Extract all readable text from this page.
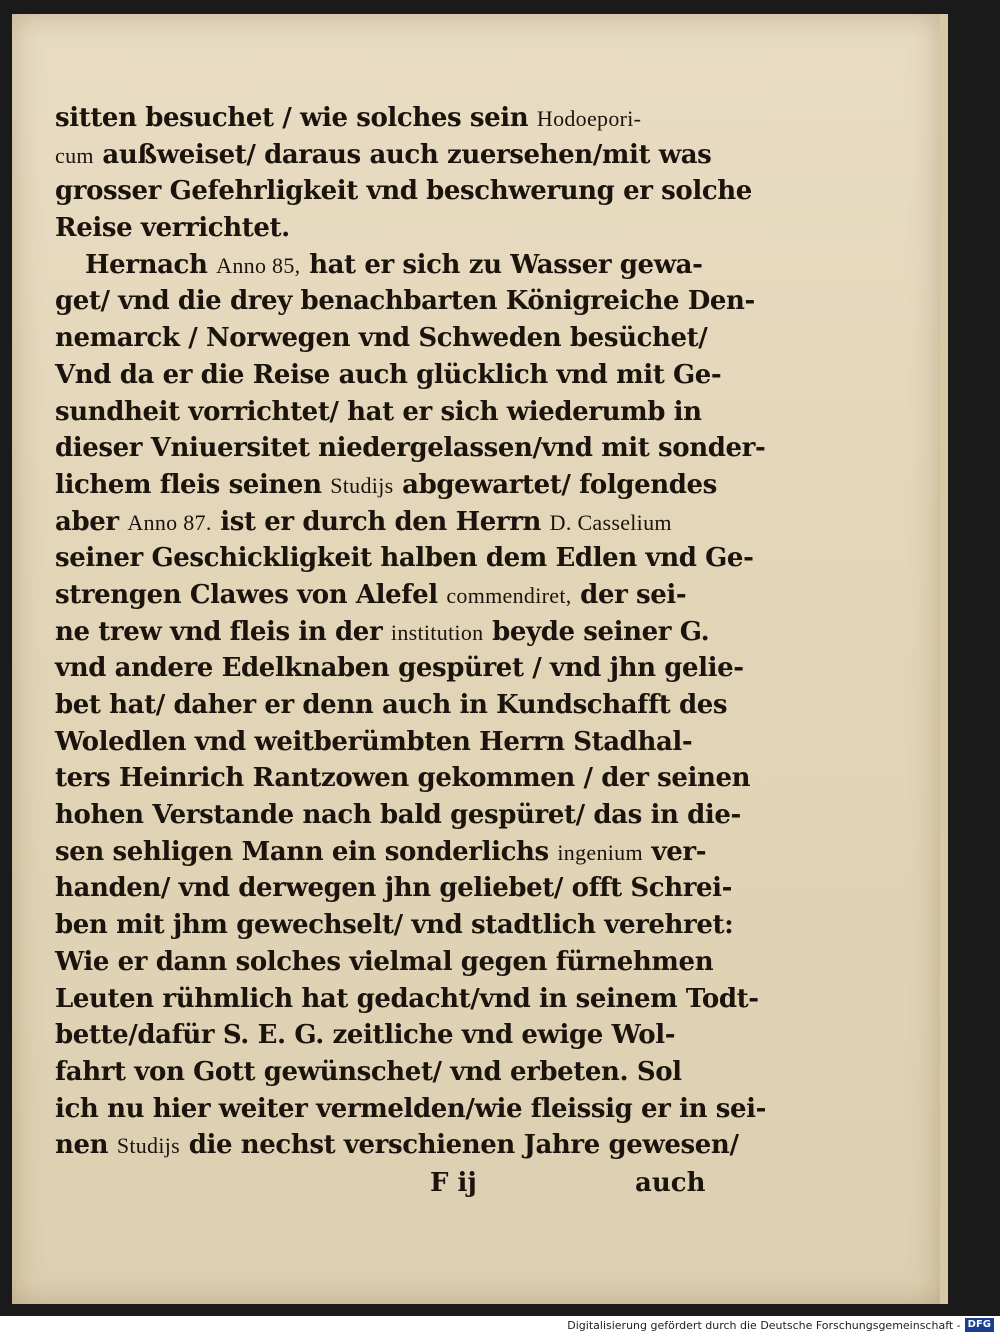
sitten besuchet / wie solches sein Hodoepori-
cum außweiset/ daraus auch zuersehen/mit was
grosser Gefehrligkeit vnd beschwerung er solche
Reise verrichtet.
Hernach Anno 85, hat er sich zu Wasser gewa-
get/ vnd die drey benachbarten Königreiche Den-
nemarck / Norwegen vnd Schweden besüchet/
Vnd da er die Reise auch glücklich vnd mit Ge-
sundheit vorrichtet/ hat er sich wiederumb in
dieser Vniuersitet niedergelassen/vnd mit sonder-
lichem fleis seinen Studijs abgewartet/ folgendes
aber Anno 87. ist er durch den Herrn D. Casselium
seiner Geschickligkeit halben dem Edlen vnd Ge-
strengen Clawes von Alefel commendiret, der sei-
ne trew vnd fleis in der institution beyde seiner G.
vnd andere Edelknaben gespüret / vnd jhn gelie-
bet hat/ daher er denn auch in Kundschafft des
Woledlen vnd weitberümbten Herrn Stadhal-
ters Heinrich Rantzowen gekommen / der seinen
hohen Verstande nach bald gespüret/ das in die-
sen sehligen Mann ein sonderlichs ingenium ver-
handen/ vnd derwegen jhn geliebet/ offt Schrei-
ben mit jhm gewechselt/ vnd stadtlich verehret:
Wie er dann solches vielmal gegen fürnehmen
Leuten rühmlich hat gedacht/vnd in seinem Todt-
bette/dafür S. E. G. zeitliche vnd ewige Wol-
fahrt von Gott gewünschet/ vnd erbeten. Sol
ich nu hier weiter vermelden/wie fleissig er in sei-
nen Studijs die nechst verschienen Jahre gewesen/
F ij	auch
Digitalisierung gefördert durch die Deutsche Forschungsgemeinschaft - DFG
